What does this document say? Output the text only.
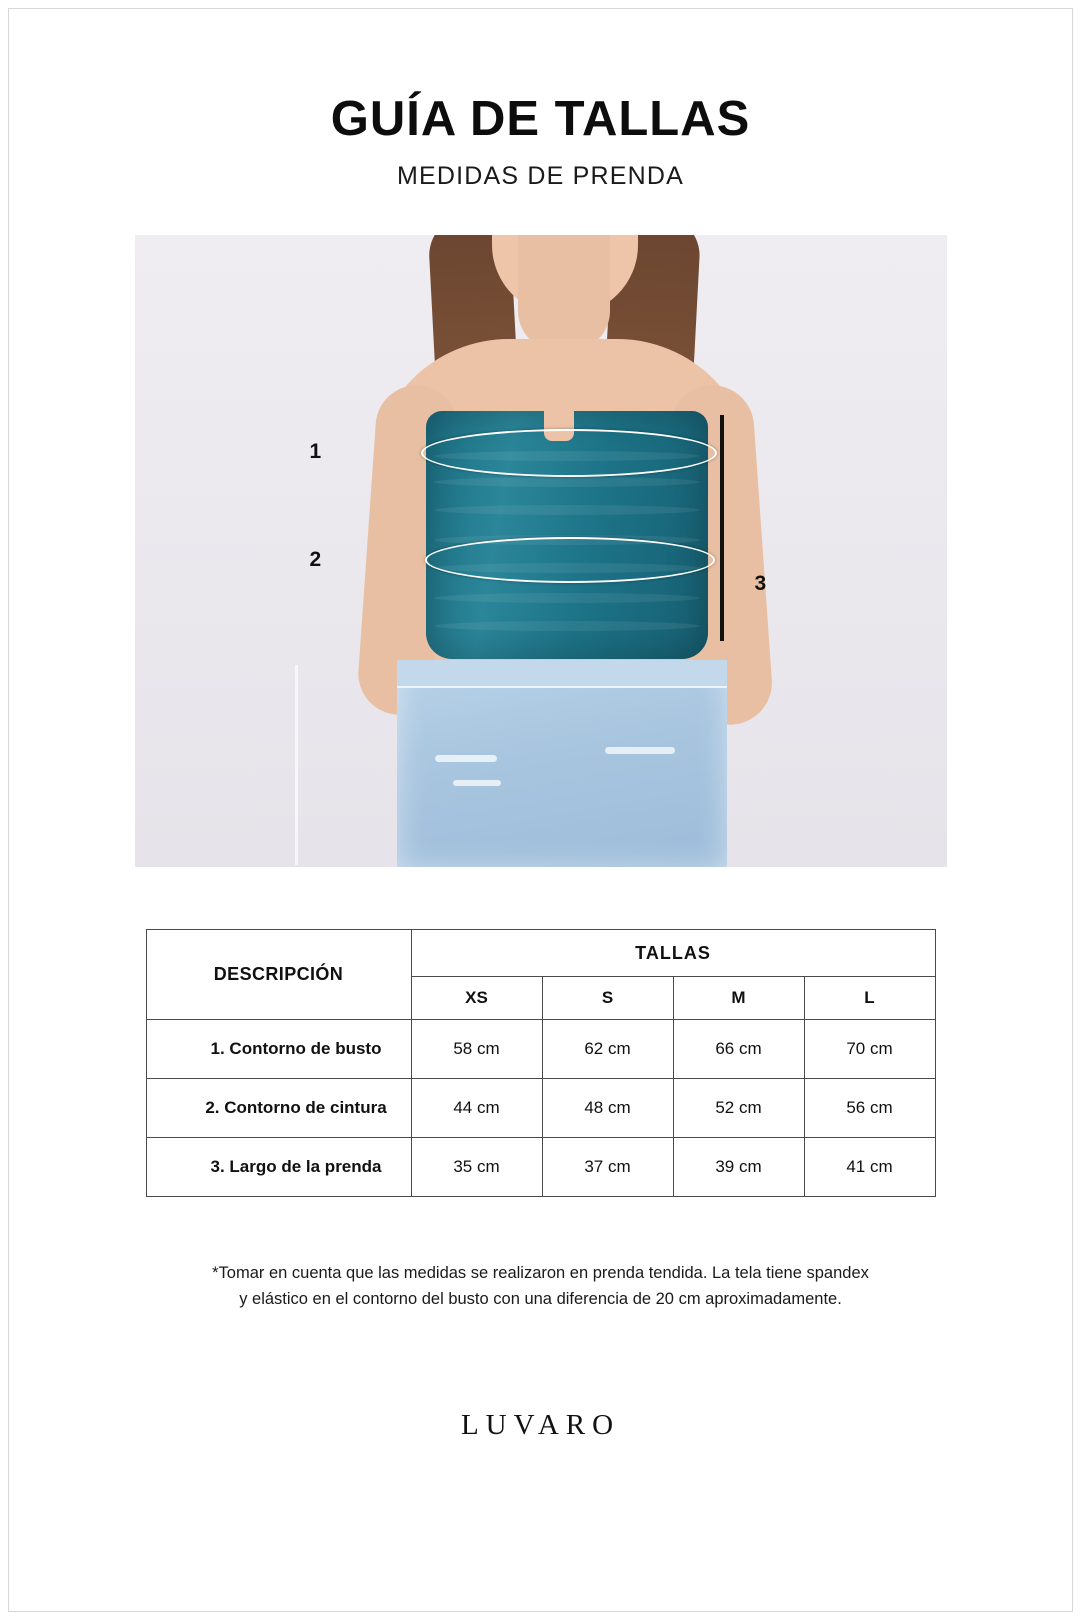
GUÍA DE TALLAS
MEDIDAS DE PRENDA
1
2
3
DESCRIPCIÓN	TALLAS			
	XS	S	M	L
1. Contorno de busto	58 cm	62 cm	66 cm	70 cm
2. Contorno de cintura	44 cm	48 cm	52 cm	56 cm
3. Largo de la prenda	35 cm	37 cm	39 cm	41 cm
*Tomar en cuenta que las medidas se realizaron en prenda tendida. La tela tiene spandex
y elástico en el contorno del busto con una diferencia de 20 cm aproximadamente.
LUVARO
